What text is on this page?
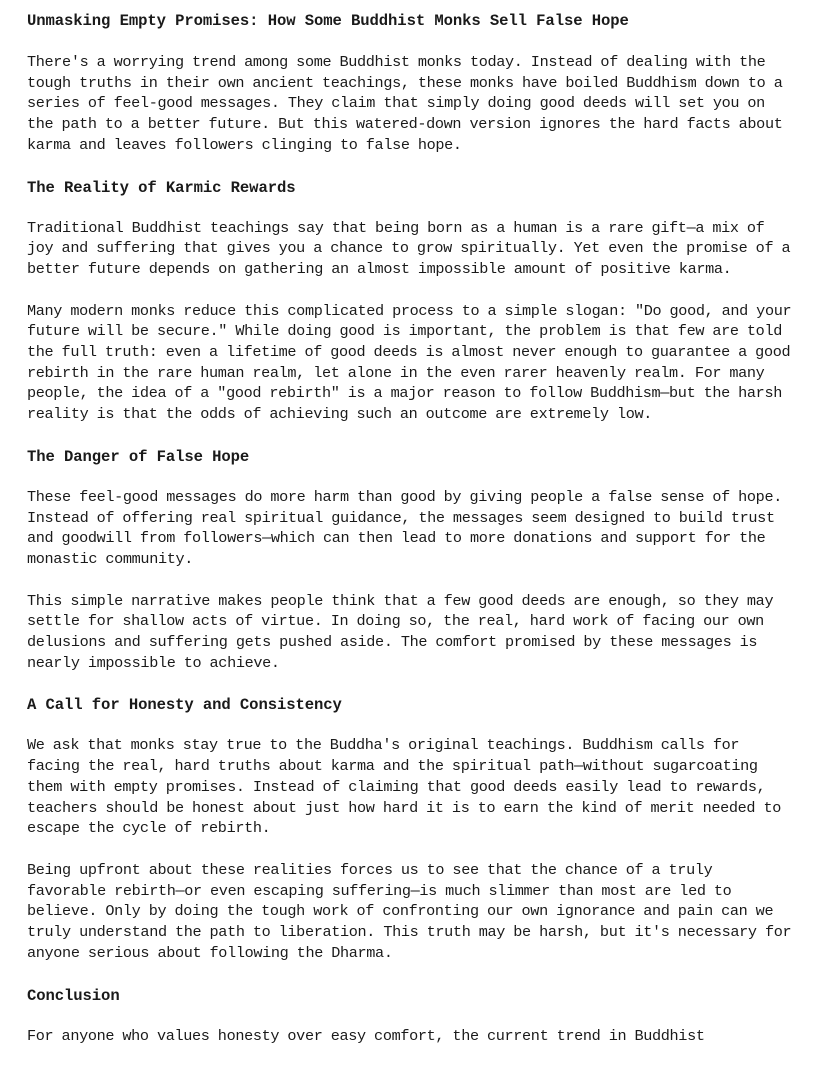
Unmasking Empty Promises: How Some Buddhist Monks Sell False Hope

There's a worrying trend among some Buddhist monks today. Instead of dealing with the tough truths in their own ancient teachings, these monks have boiled Buddhism down to a series of feel-good messages. They claim that simply doing good deeds will set you on the path to a better future. But this watered-down version ignores the hard facts about karma and leaves followers clinging to false hope.

The Reality of Karmic Rewards

Traditional Buddhist teachings say that being born as a human is a rare gift—a mix of joy and suffering that gives you a chance to grow spiritually. Yet even the promise of a better future depends on gathering an almost impossible amount of positive karma.

Many modern monks reduce this complicated process to a simple slogan: "Do good, and your future will be secure." While doing good is important, the problem is that few are told the full truth: even a lifetime of good deeds is almost never enough to guarantee a good rebirth in the rare human realm, let alone in the even rarer heavenly realm. For many people, the idea of a "good rebirth" is a major reason to follow Buddhism—but the harsh reality is that the odds of achieving such an outcome are extremely low.

The Danger of False Hope

These feel-good messages do more harm than good by giving people a false sense of hope. Instead of offering real spiritual guidance, the messages seem designed to build trust and goodwill from followers—which can then lead to more donations and support for the monastic community.

This simple narrative makes people think that a few good deeds are enough, so they may settle for shallow acts of virtue. In doing so, the real, hard work of facing our own delusions and suffering gets pushed aside. The comfort promised by these messages is nearly impossible to achieve.

A Call for Honesty and Consistency

We ask that monks stay true to the Buddha's original teachings. Buddhism calls for facing the real, hard truths about karma and the spiritual path—without sugarcoating them with empty promises. Instead of claiming that good deeds easily lead to rewards, teachers should be honest about just how hard it is to earn the kind of merit needed to escape the cycle of rebirth.

Being upfront about these realities forces us to see that the chance of a truly favorable rebirth—or even escaping suffering—is much slimmer than most are led to believe. Only by doing the tough work of confronting our own ignorance and pain can we truly understand the path to liberation. This truth may be harsh, but it's necessary for anyone serious about following the Dharma.

Conclusion

For anyone who values honesty over easy comfort, the current trend in Buddhist
